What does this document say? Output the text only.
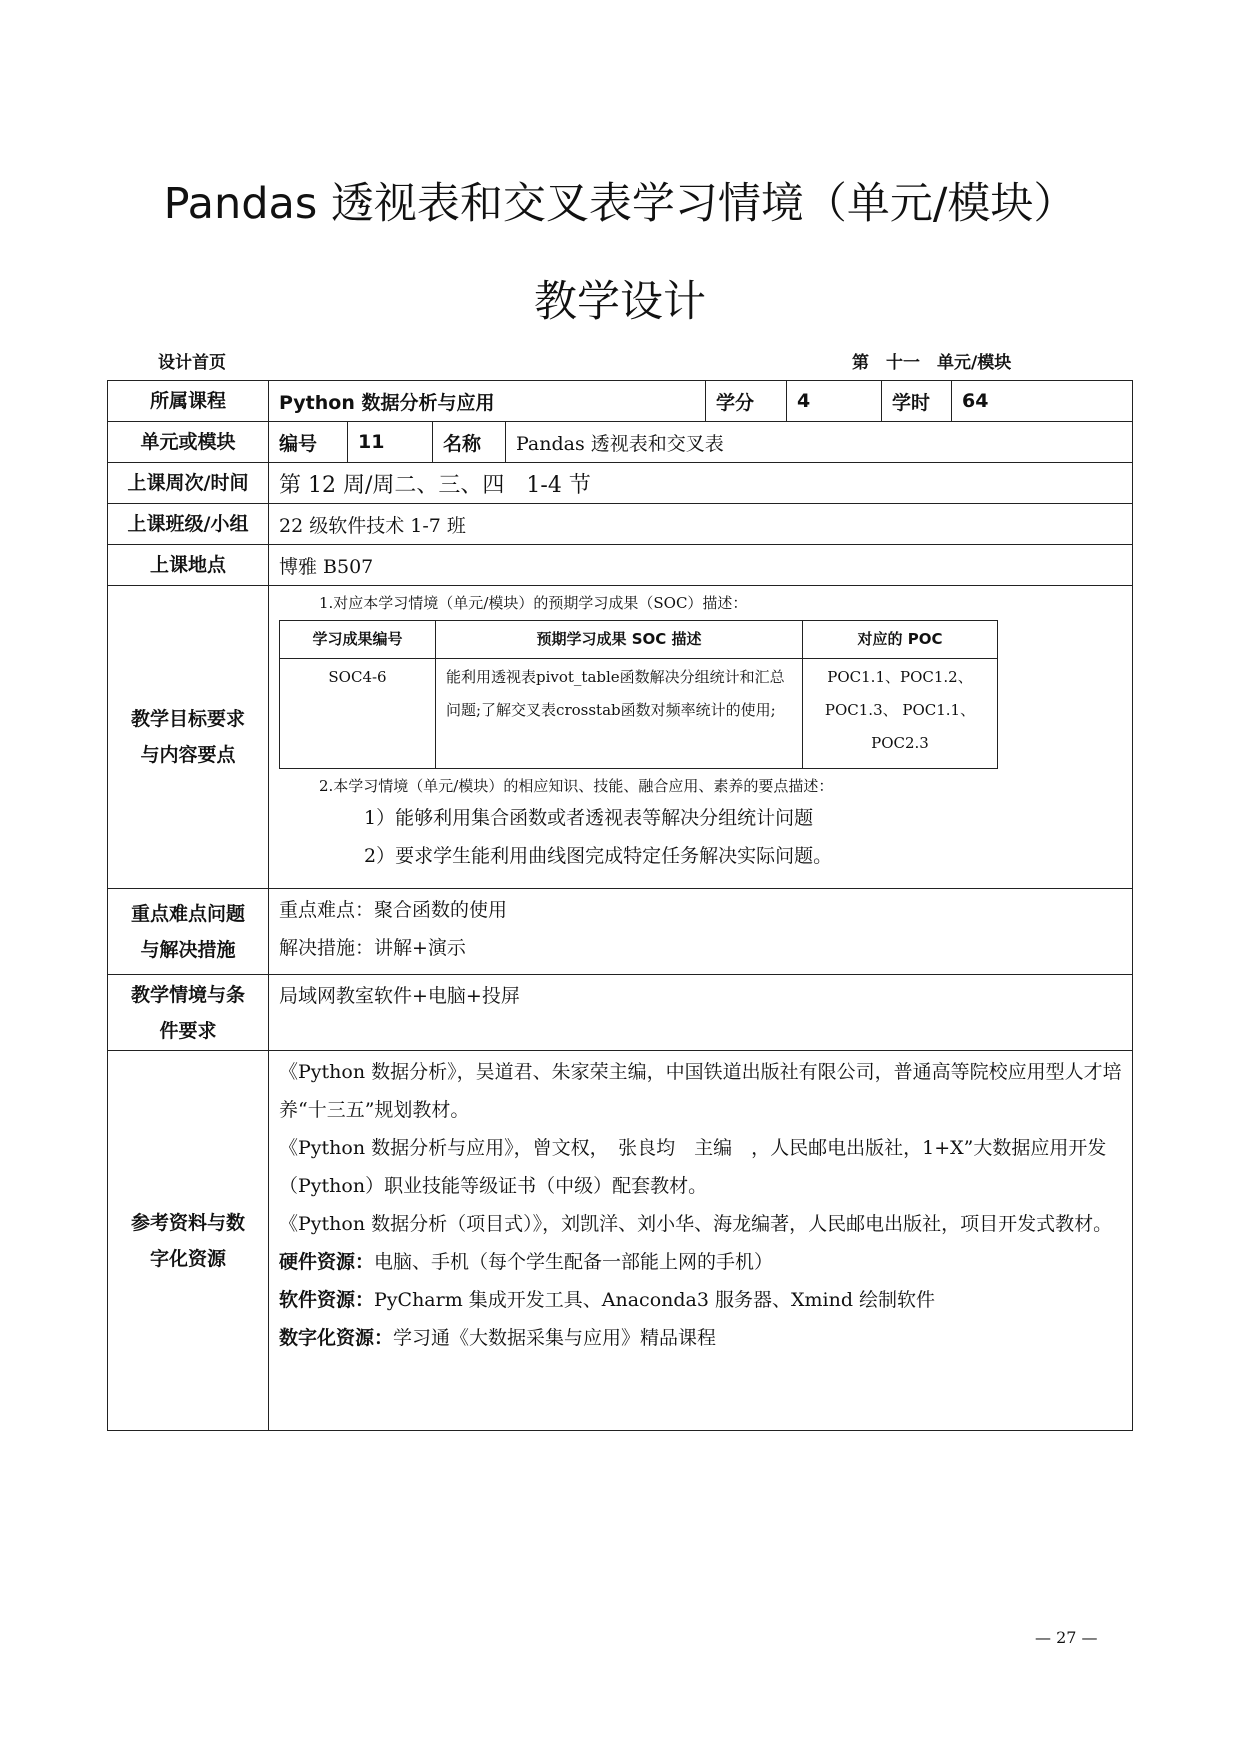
Pandas 透视表和交叉表学习情境（单元/模块）
教学设计
设计首页	第　十一　单元/模块
所属课程	Python 数据分析与应用	学分	4	学时	64
单元或模块	编号	11	名称	Pandas 透视表和交叉表
上课周次/时间	第 12 周/周二、三、四　1-4 节
上课班级/小组	22 级软件技术 1-7 班
上课地点	博雅 B507
教学目标要求与内容要点	
1.对应本学习情境（单元/模块）的预期学习成果（SOC）描述：
学习成果编号	预期学习成果 SOC 描述	对应的 POC
SOC4-6	能利用透视表pivot_table函数解决分组统计和汇总问题;了解交叉表crosstab函数对频率统计的使用;	POC1.1、POC1.2、POC1.3、 POC1.1、POC2.3
2.本学习情境（单元/模块）的相应知识、技能、融合应用、素养的要点描述：
1）能够利用集合函数或者透视表等解决分组统计问题
2）要求学生能利用曲线图完成特定任务解决实际问题。

重点难点问题与解决措施	
重点难点：聚合函数的使用
解决措施：讲解+演示

教学情境与条件要求	局域网教室软件+电脑+投屏
参考资料与数字化资源	
《Python 数据分析》，吴道君、朱家荣主编，中国铁道出版社有限公司，普通高等院校应用型人才培养“十三五”规划教材。
《Python 数据分析与应用》，曾文权，　张良均　主编　，人民邮电出版社，1+X”大数据应用开发（Python）职业技能等级证书（中级）配套教材。
《Python 数据分析（项目式）》，刘凯洋、刘小华、海龙编著，人民邮电出版社，项目开发式教材。
硬件资源：电脑、手机（每个学生配备一部能上网的手机）
软件资源：PyCharm 集成开发工具、Anaconda3 服务器、Xmind 绘制软件
数字化资源：学习通《大数据采集与应用》精品课程
— 27 —
